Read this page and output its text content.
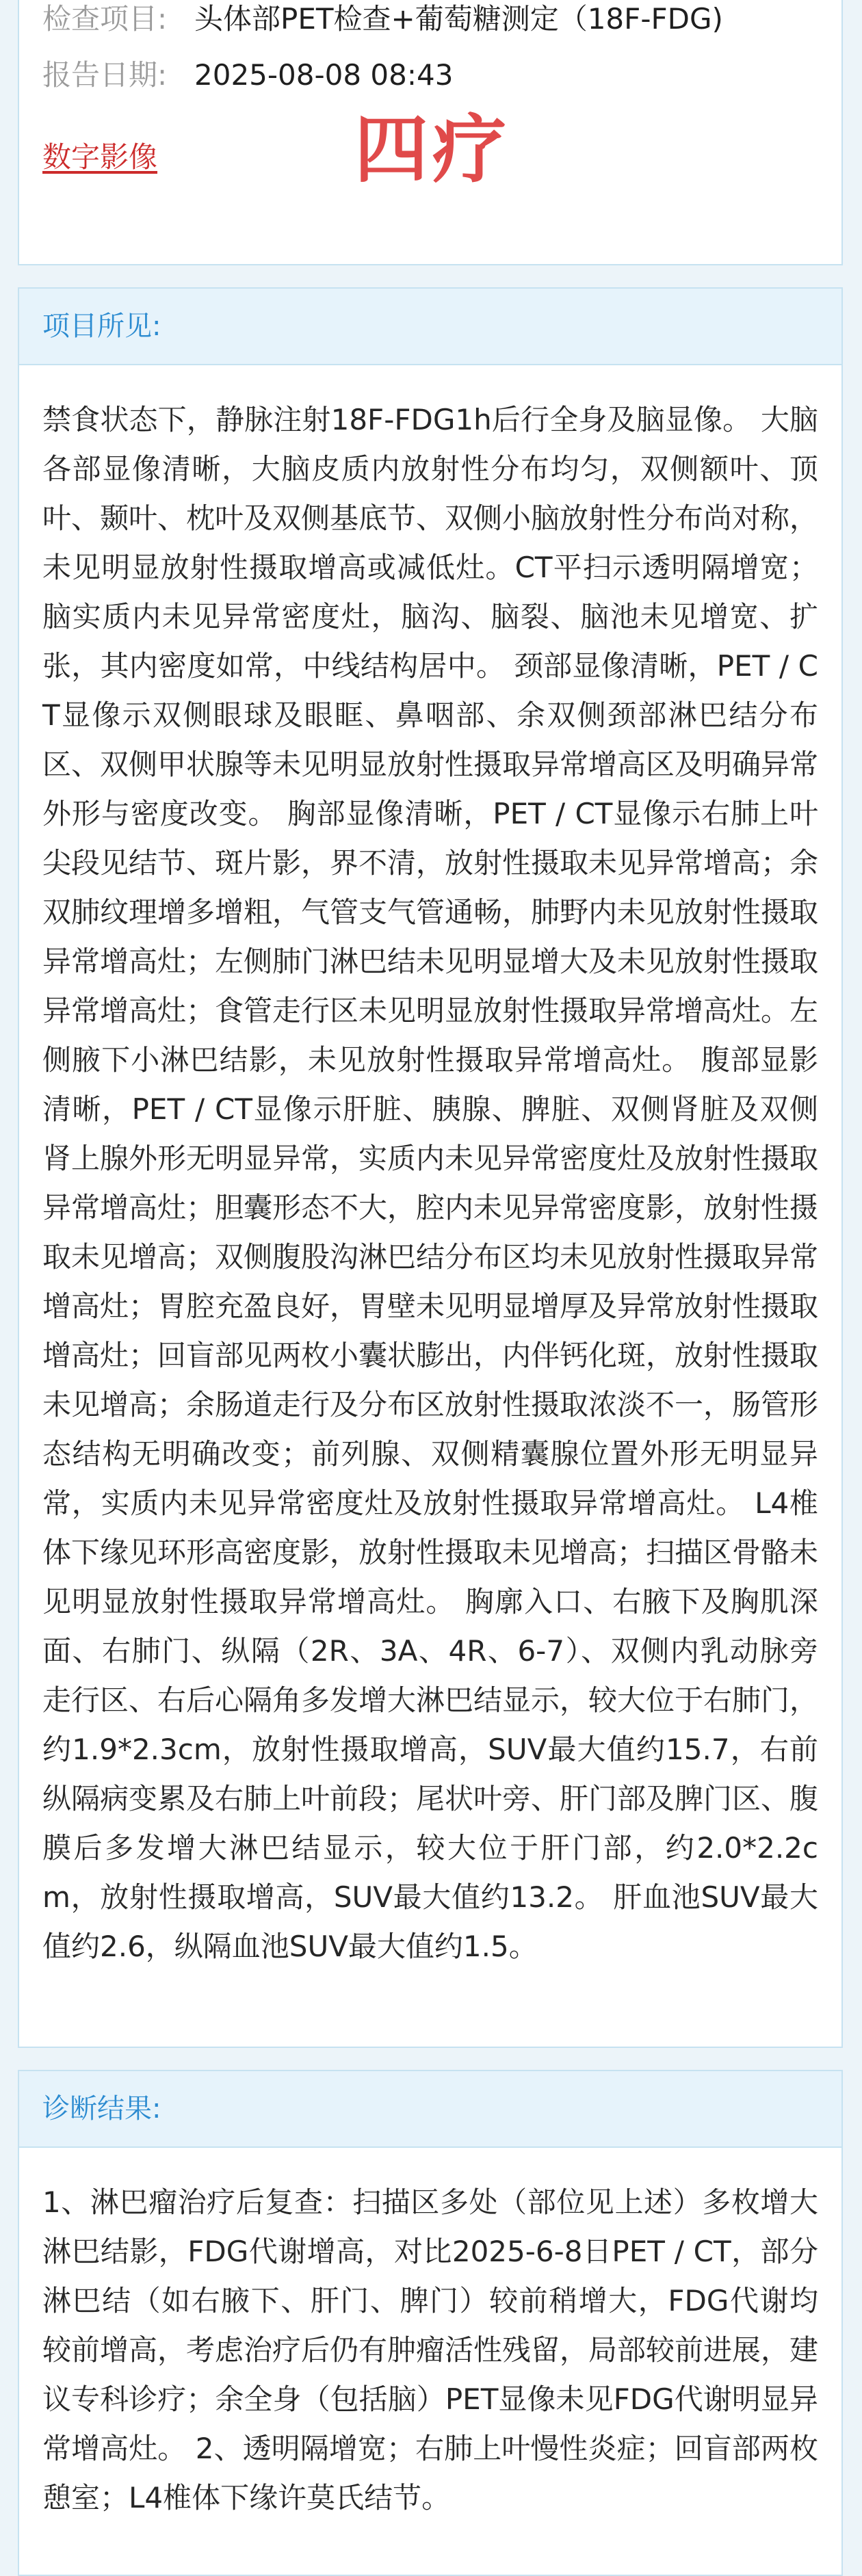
检查项目: 头体部PET检查+葡萄糖测定（18F-FDG)
报告日期: 2025-08-08 08:43
数字影像	四疗
项目所见:
禁食状态下，静脉注射18F-FDG1h后行全身及脑显像。 大脑各部显像清晰，大脑皮质内放射性分布均匀，双侧额叶、顶叶、颞叶、枕叶及双侧基底节、双侧小脑放射性分布尚对称，未见明显放射性摄取增高或减低灶。CT平扫示透明隔增宽；脑实质内未见异常密度灶，脑沟、脑裂、脑池未见增宽、扩张，其内密度如常，中线结构居中。 颈部显像清晰，PET / CT显像示双侧眼球及眼眶、鼻咽部、余双侧颈部淋巴结分布区、双侧甲状腺等未见明显放射性摄取异常增高区及明确异常外形与密度改变。 胸部显像清晰，PET / CT显像示右肺上叶尖段见结节、斑片影，界不清，放射性摄取未见异常增高；余双肺纹理增多增粗，气管支气管通畅，肺野内未见放射性摄取异常增高灶；左侧肺门淋巴结未见明显增大及未见放射性摄取异常增高灶；食管走行区未见明显放射性摄取异常增高灶。左侧腋下小淋巴结影，未见放射性摄取异常增高灶。 腹部显影清晰，PET / CT显像示肝脏、胰腺、脾脏、双侧肾脏及双侧肾上腺外形无明显异常，实质内未见异常密度灶及放射性摄取异常增高灶；胆囊形态不大，腔内未见异常密度影，放射性摄取未见增高；双侧腹股沟淋巴结分布区均未见放射性摄取异常增高灶；胃腔充盈良好，胃壁未见明显增厚及异常放射性摄取增高灶；回盲部见两枚小囊状膨出，内伴钙化斑，放射性摄取未见增高；余肠道走行及分布区放射性摄取浓淡不一，肠管形态结构无明确改变；前列腺、双侧精囊腺位置外形无明显异常，实质内未见异常密度灶及放射性摄取异常增高灶。 L4椎体下缘见环形高密度影，放射性摄取未见增高；扫描区骨骼未见明显放射性摄取异常增高灶。 胸廓入口、右腋下及胸肌深面、右肺门、纵隔（2R、3A、4R、6-7）、双侧内乳动脉旁走行区、右后心隔角多发增大淋巴结显示，较大位于右肺门，约1.9*2.3cm，放射性摄取增高，SUV最大值约15.7，右前纵隔病变累及右肺上叶前段；尾状叶旁、肝门部及脾门区、腹膜后多发增大淋巴结显示，较大位于肝门部，约2.0*2.2cm，放射性摄取增高，SUV最大值约13.2。 肝血池SUV最大值约2.6，纵隔血池SUV最大值约1.5。
诊断结果:
1、淋巴瘤治疗后复查：扫描区多处（部位见上述）多枚增大淋巴结影，FDG代谢增高，对比2025-6-8日PET / CT，部分淋巴结（如右腋下、肝门、脾门）较前稍增大，FDG代谢均较前增高，考虑治疗后仍有肿瘤活性残留，局部较前进展，建议专科诊疗；余全身（包括脑）PET显像未见FDG代谢明显异常增高灶。 2、透明隔增宽；右肺上叶慢性炎症；回盲部两枚憩室；L4椎体下缘许莫氏结节。
